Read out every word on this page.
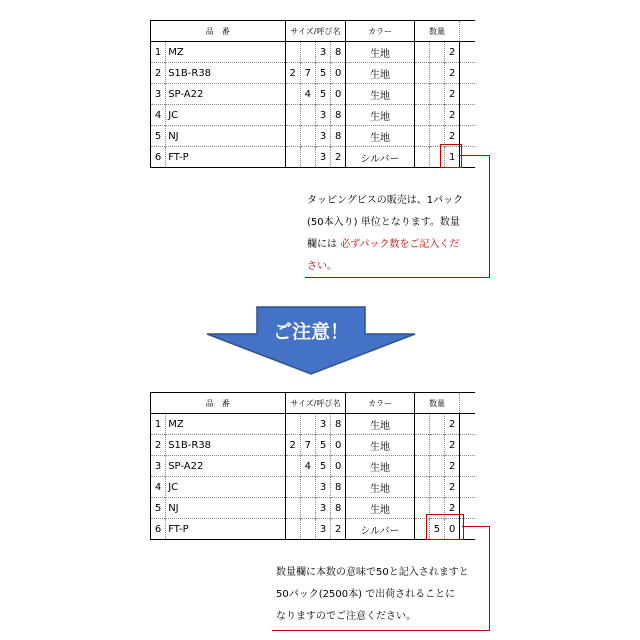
品　番		サイズ/呼び名				カラー	数量			
1	MZ			3	8	生地			2	
2	S1B-R38	2	7	5	0	生地			2	
3	SP-A22		4	5	0	生地			2	
4	JC			3	8	生地			2	
5	NJ			3	8	生地			2	
6	FT-P			3	2	シルバー			1	
タッピングビスの販売は、1パック
(50本入り) 単位となります。数量
欄には 必ずパック数をご記入くだ
さい。
ご注意！
品　番		サイズ/呼び名				カラー	数量			
1	MZ			3	8	生地			2	
2	S1B-R38	2	7	5	0	生地			2	
3	SP-A22		4	5	0	生地			2	
4	JC			3	8	生地			2	
5	NJ			3	8	生地			2	
6	FT-P			3	2	シルバー		5	0	
数量欄に本数の意味で50と記入されますと
50パック(2500本) で出荷されることに
なりますのでご注意ください。
